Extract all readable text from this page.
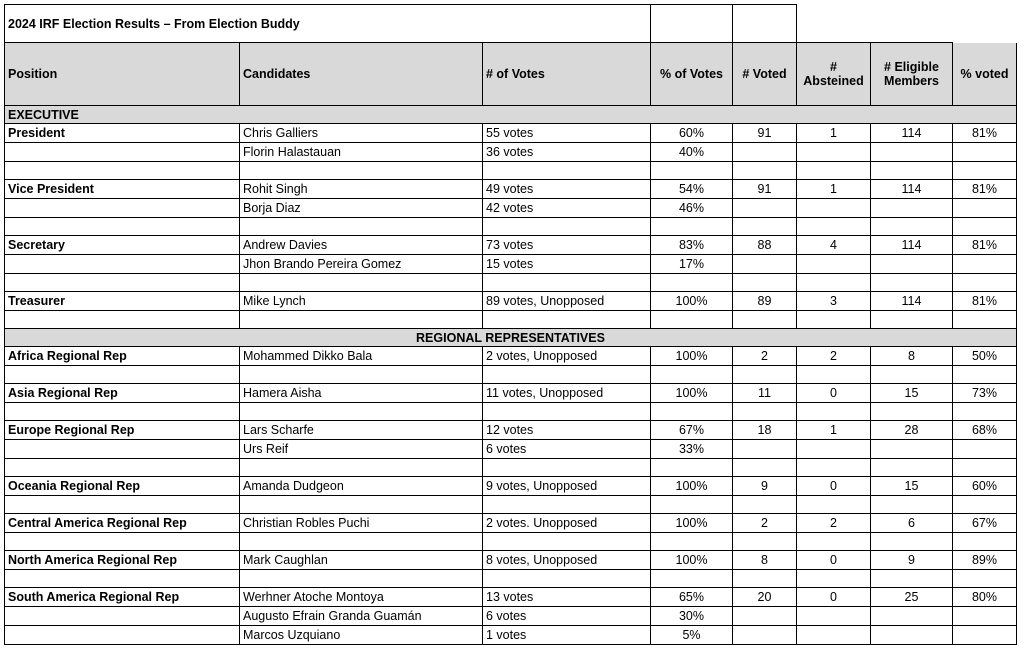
2024 IRF Election Results – From Election Buddy							
Position	Candidates	# of Votes	% of Votes	# Voted	# Absteined	# Eligible Members	% voted
EXECUTIVE							
President	Chris Galliers	55 votes	60%	91	1	114	81%
	Florin Halastauan	36 votes	40%				

Vice President	Rohit Singh	49 votes	54%	91	1	114	81%
	Borja Diaz	42 votes	46%				

Secretary	Andrew Davies	73 votes	83%	88	4	114	81%
	Jhon Brando Pereira Gomez	15 votes	17%				

Treasurer	Mike Lynch	89 votes, Unopposed	100%	89	3	114	81%

REGIONAL REPRESENTATIVES							
Africa Regional Rep	Mohammed Dikko Bala	2 votes, Unopposed	100%	2	2	8	50%

Asia Regional Rep	Hamera Aisha	11 votes, Unopposed	100%	11	0	15	73%

Europe Regional Rep	Lars Scharfe	12 votes	67%	18	1	28	68%
	Urs Reif	6 votes	33%				

Oceania Regional Rep	Amanda Dudgeon	9 votes, Unopposed	100%	9	0	15	60%

Central America Regional Rep	Christian Robles Puchi	2 votes. Unopposed	100%	2	2	6	67%

North America Regional Rep	Mark Caughlan	8 votes, Unopposed	100%	8	0	9	89%

South America Regional Rep	Werhner Atoche Montoya	13 votes	65%	20	0	25	80%
	Augusto Efrain Granda Guamán	6 votes	30%				
	Marcos Uzquiano	1 votes	5%				
